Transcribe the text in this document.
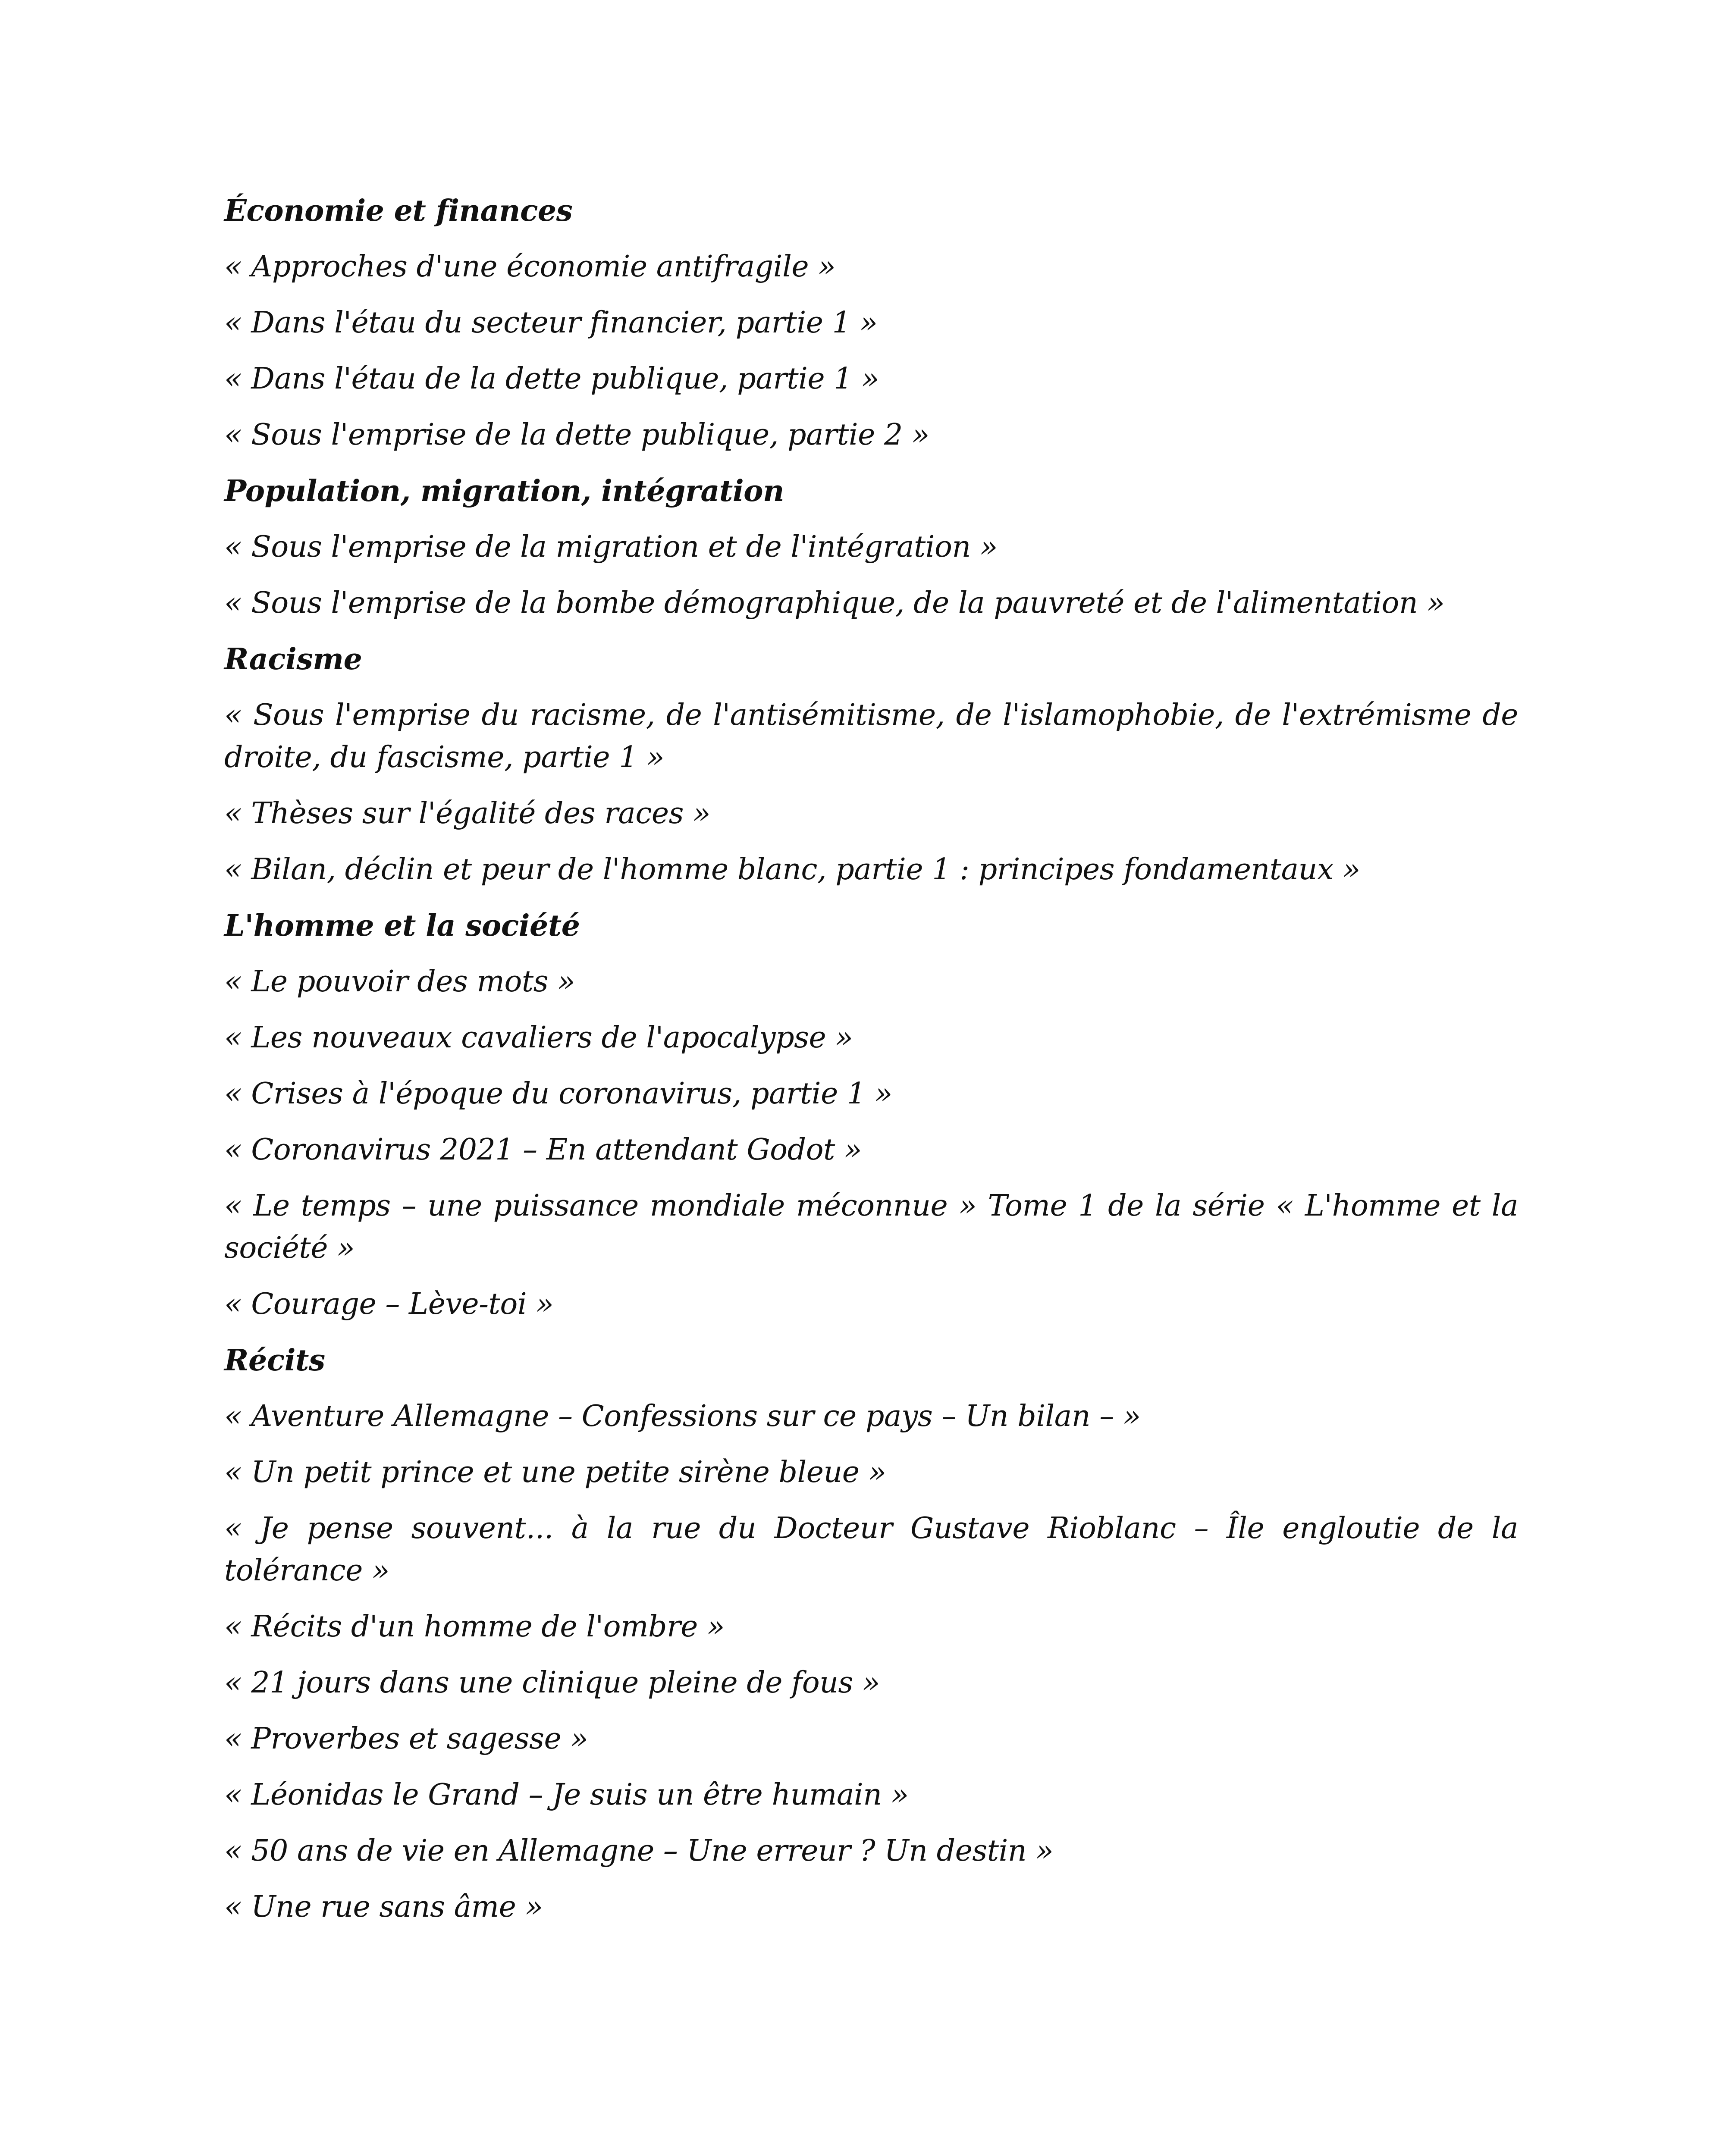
Économie et finances

« Approches d'une économie antifragile »

« Dans l'étau du secteur financier, partie 1 »

« Dans l'étau de la dette publique, partie 1 »

« Sous l'emprise de la dette publique, partie 2 »

Population, migration, intégration

« Sous l'emprise de la migration et de l'intégration »

« Sous l'emprise de la bombe démographique, de la pauvreté et de l'alimentation »

Racisme

« Sous l'emprise du racisme, de l'antisémitisme, de l'islamophobie, de l'extrémisme de droite, du fascisme, partie 1 »

« Thèses sur l'égalité des races »

« Bilan, déclin et peur de l'homme blanc, partie 1 : principes fondamentaux »

L'homme et la société

« Le pouvoir des mots »

« Les nouveaux cavaliers de l'apocalypse »

« Crises à l'époque du coronavirus, partie 1 »

« Coronavirus 2021 – En attendant Godot »

« Le temps – une puissance mondiale méconnue » Tome 1 de la série « L'homme et la société »

« Courage – Lève-toi »

Récits

« Aventure Allemagne – Confessions sur ce pays – Un bilan – »

« Un petit prince et une petite sirène bleue »

« Je pense souvent... à la rue du Docteur Gustave Rioblanc – Île engloutie de la tolérance »

« Récits d'un homme de l'ombre »

« 21 jours dans une clinique pleine de fous »

« Proverbes et sagesse »

« Léonidas le Grand – Je suis un être humain »

« 50 ans de vie en Allemagne – Une erreur ? Un destin »

« Une rue sans âme »
